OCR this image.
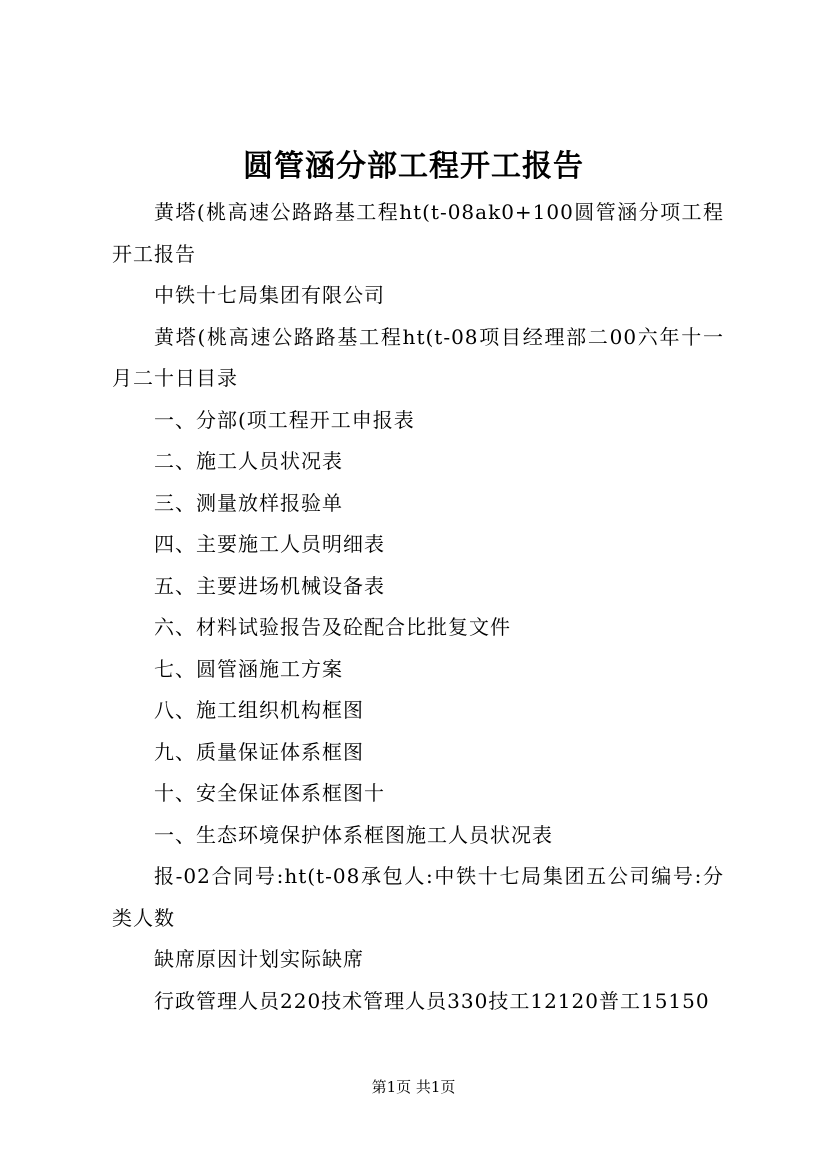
圆管涵分部工程开工报告

黄塔(桃高速公路路基工程ht(t-08ak0+100圆管涵分项工程开工报告

中铁十七局集团有限公司

黄塔(桃高速公路路基工程ht(t-08项目经理部二00六年十一月二十日目录

一、分部(项工程开工申报表

二、施工人员状况表

三、测量放样报验单

四、主要施工人员明细表

五、主要进场机械设备表

六、材料试验报告及砼配合比批复文件

七、圆管涵施工方案

八、施工组织机构框图

九、质量保证体系框图

十、安全保证体系框图十

一、生态环境保护体系框图施工人员状况表

报-02合同号:ht(t-08承包人:中铁十七局集团五公司编号:分类人数

缺席原因计划实际缺席

行政管理人员220技术管理人员330技工12120普工15150

第1页 共1页
